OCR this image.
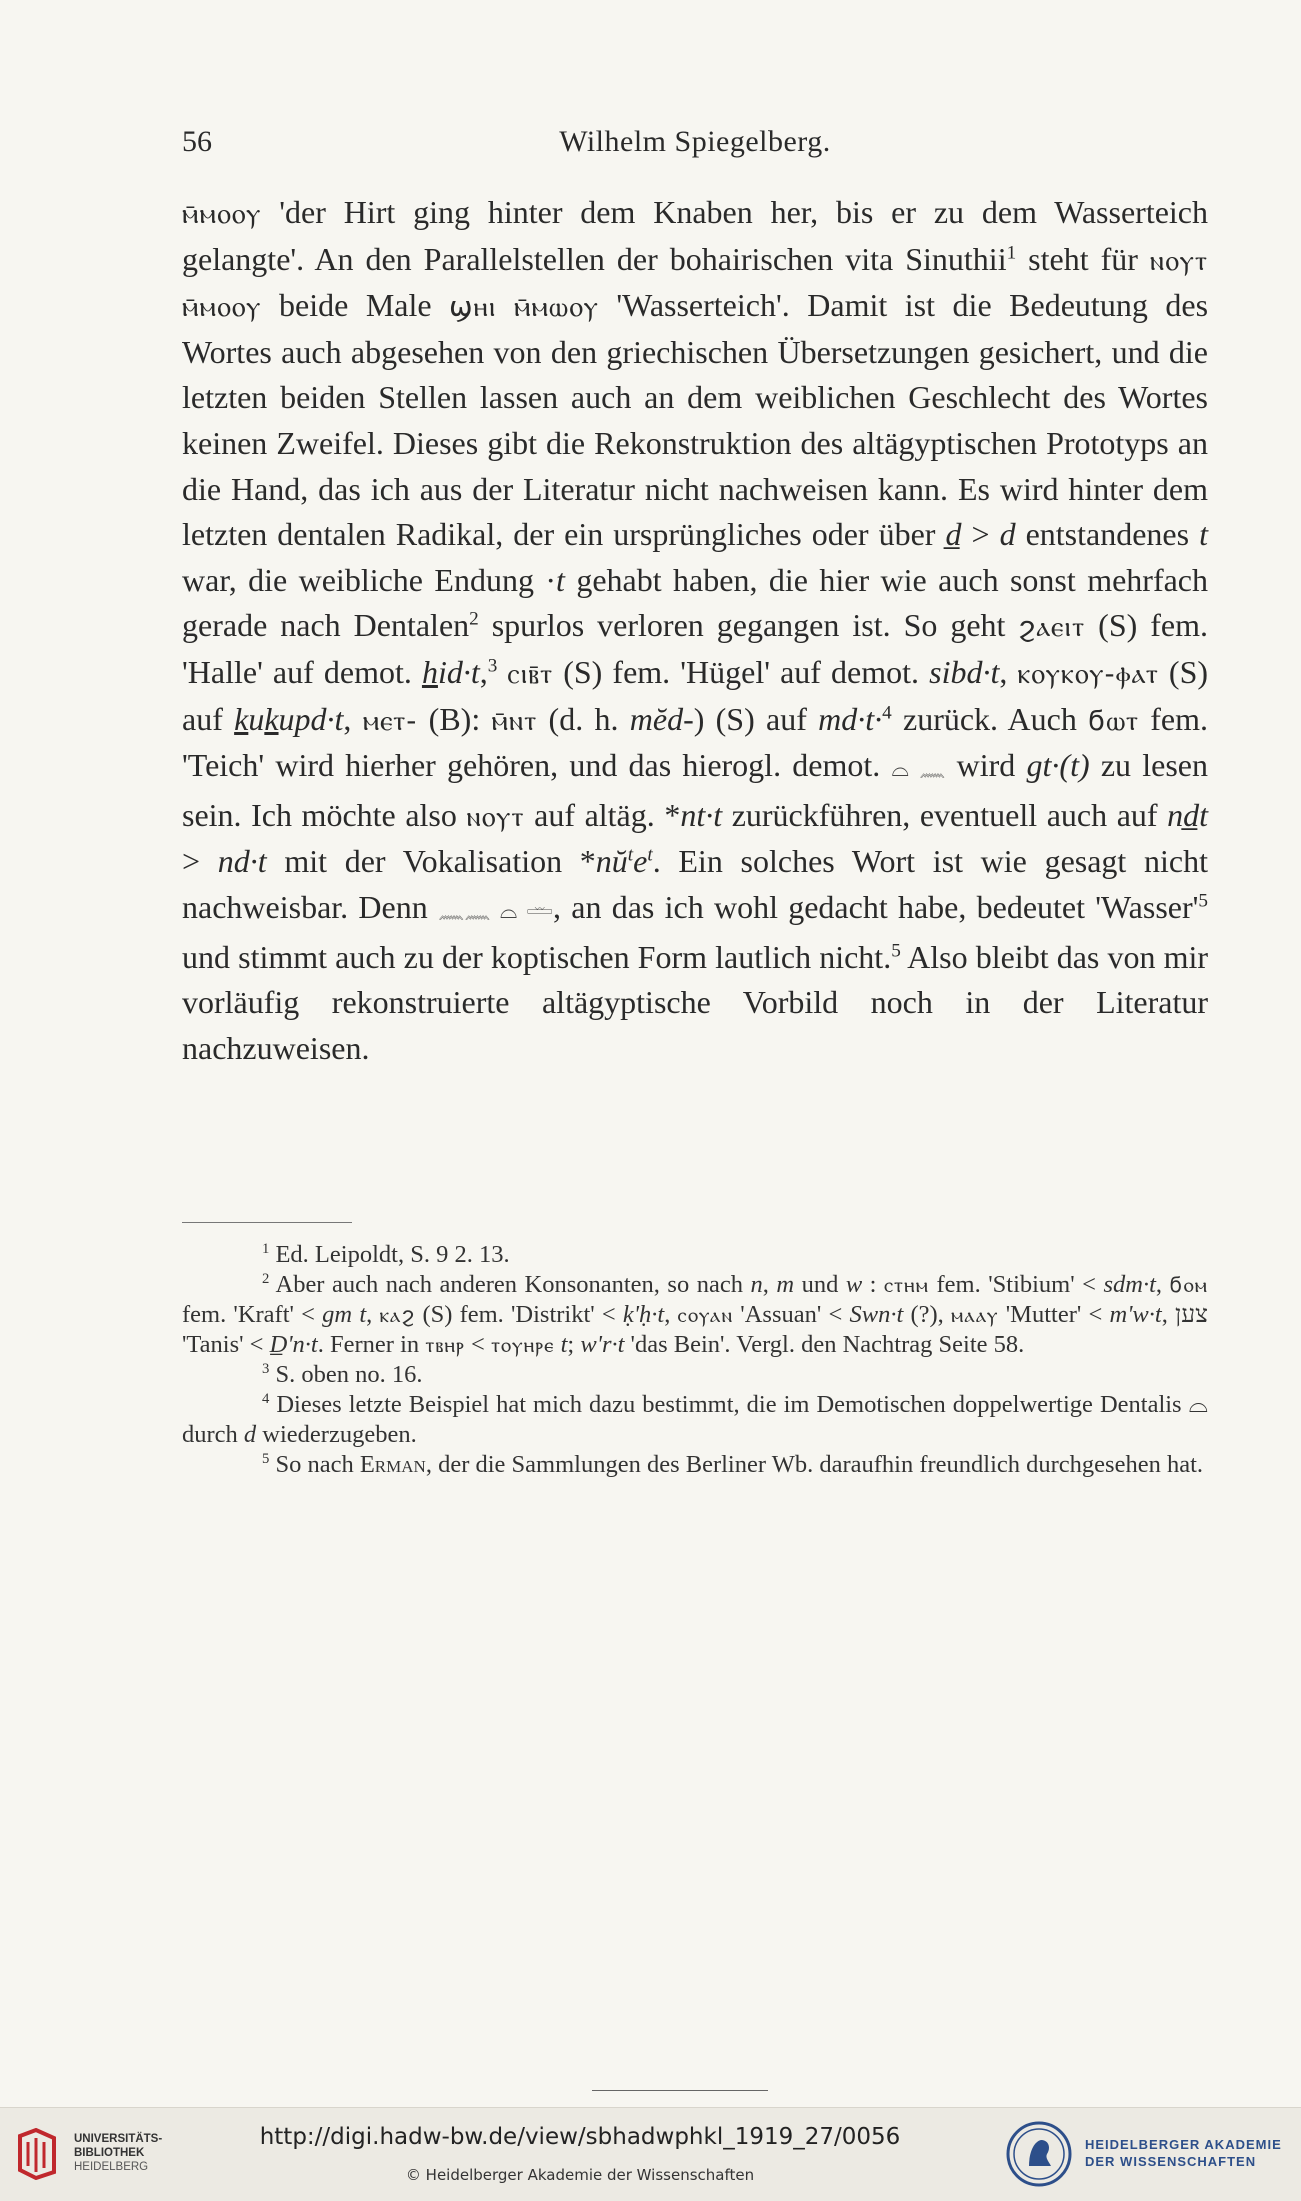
56	Wilhelm Spiegelberg.

ⲙ̄ⲙⲟⲟⲩ 'der Hirt ging hinter dem Knaben her, bis er zu dem Wasserteich gelangte'. An den Parallelstellen der bohairischen vita Sinuthii$^1$ steht für ⲛⲟⲩⲧ ⲙ̄ⲙⲟⲟⲩ beide Male ϣⲏⲓ ⲙ̄ⲙⲱⲟⲩ 'Wasserteich'. Damit ist die Bedeutung des Wortes auch abgesehen von den griechischen Übersetzungen gesichert, und die letzten beiden Stellen lassen auch an dem weiblichen Geschlecht des Wortes keinen Zweifel. Dieses gibt die Rekonstruktion des altägyptischen Prototyps an die Hand, das ich aus der Literatur nicht nachweisen kann. Es wird hinter dem letzten dentalen Radikal, der ein ursprüngliches oder über d̲ > d entstandenes t war, die weibliche Endung ·t gehabt haben, die hier wie auch sonst mehrfach gerade nach Dentalen$^2$ spurlos verloren gegangen ist. So geht ϩⲁⲉⲓⲧ (S) fem. 'Halle' auf demot. hid·t,$^3$ ⲥⲓⲃ̄ⲧ (S) fem. 'Hügel' auf demot. sibd·t, ⲕⲟⲩⲕⲟⲩ-ⲫⲁⲧ (S) auf kukupd·t, ⲙⲉⲧ- (B): ⲙ̄ⲛⲧ (d. h. mĕd-) (S) auf md·t·$^4$ zurück. Auch ϭⲱⲧ fem. 'Teich' wird hierher gehören, und das hierogl. demot. ⌓ 𓈖 wird gt·(t) zu lesen sein. Ich möchte also ⲛⲟⲩⲧ auf altäg. *nt·t zurückführen, eventuell auch auf nd̲t > nd·t mit der Vokalisation $*nŭ^te^t$. Ein solches Wort ist wie gesagt nicht nachweisbar. Denn 𓈖𓈖 ⌓ 𓏛, an das ich wohl gedacht habe, bedeutet '$Wasser'^5$ und stimmt auch zu der koptischen Form lautlich nicht.$^5$ Also bleibt das von mir vorläufig rekonstruierte altägyptische Vorbild noch in der Literatur nachzuweisen.

$^1$ Ed. Leipoldt, S. 9 2. 13.

$^2$ Aber auch nach anderen Konsonanten, so nach n, m und w : ⲥⲧⲏⲙ fem. 'Stibium' < sdm·t, ϭⲟⲙ fem. 'Kraft' < gm t, ⲕⲁϩ (S) fem. 'Distrikt' < ḳ'ḥ·t, ⲥⲟⲩⲁⲛ 'Assuan' < Swn·t (?), ⲙⲁⲁⲩ 'Mutter' < m'w·t, צען 'Tanis' < D̲'n·t. Ferner in ⲧⲃⲏⲣ < ⲧⲟⲩⲏⲣⲉ t; w'r·t 'das Bein'. Vergl. den Nachtrag Seite 58.

$^3$ S. oben no. 16.

$^4$ Dieses letzte Beispiel hat mich dazu bestimmt, die im Demotischen doppelwertige Dentalis ⌓ durch d wiederzugeben.

$^5$ So nach Erman, der die Sammlungen des Berliner Wb. daraufhin freundlich durchgesehen hat.

UNIVERSITÄTS-
BIBLIOTHEK
HEIDELBERG
http://digi.hadw-bw.de/view/sbhadwphkl_1919_27/0056
© Heidelberger Akademie der Wissenschaften
HEIDELBERGER AKADEMIE
DER WISSENSCHAFTEN
